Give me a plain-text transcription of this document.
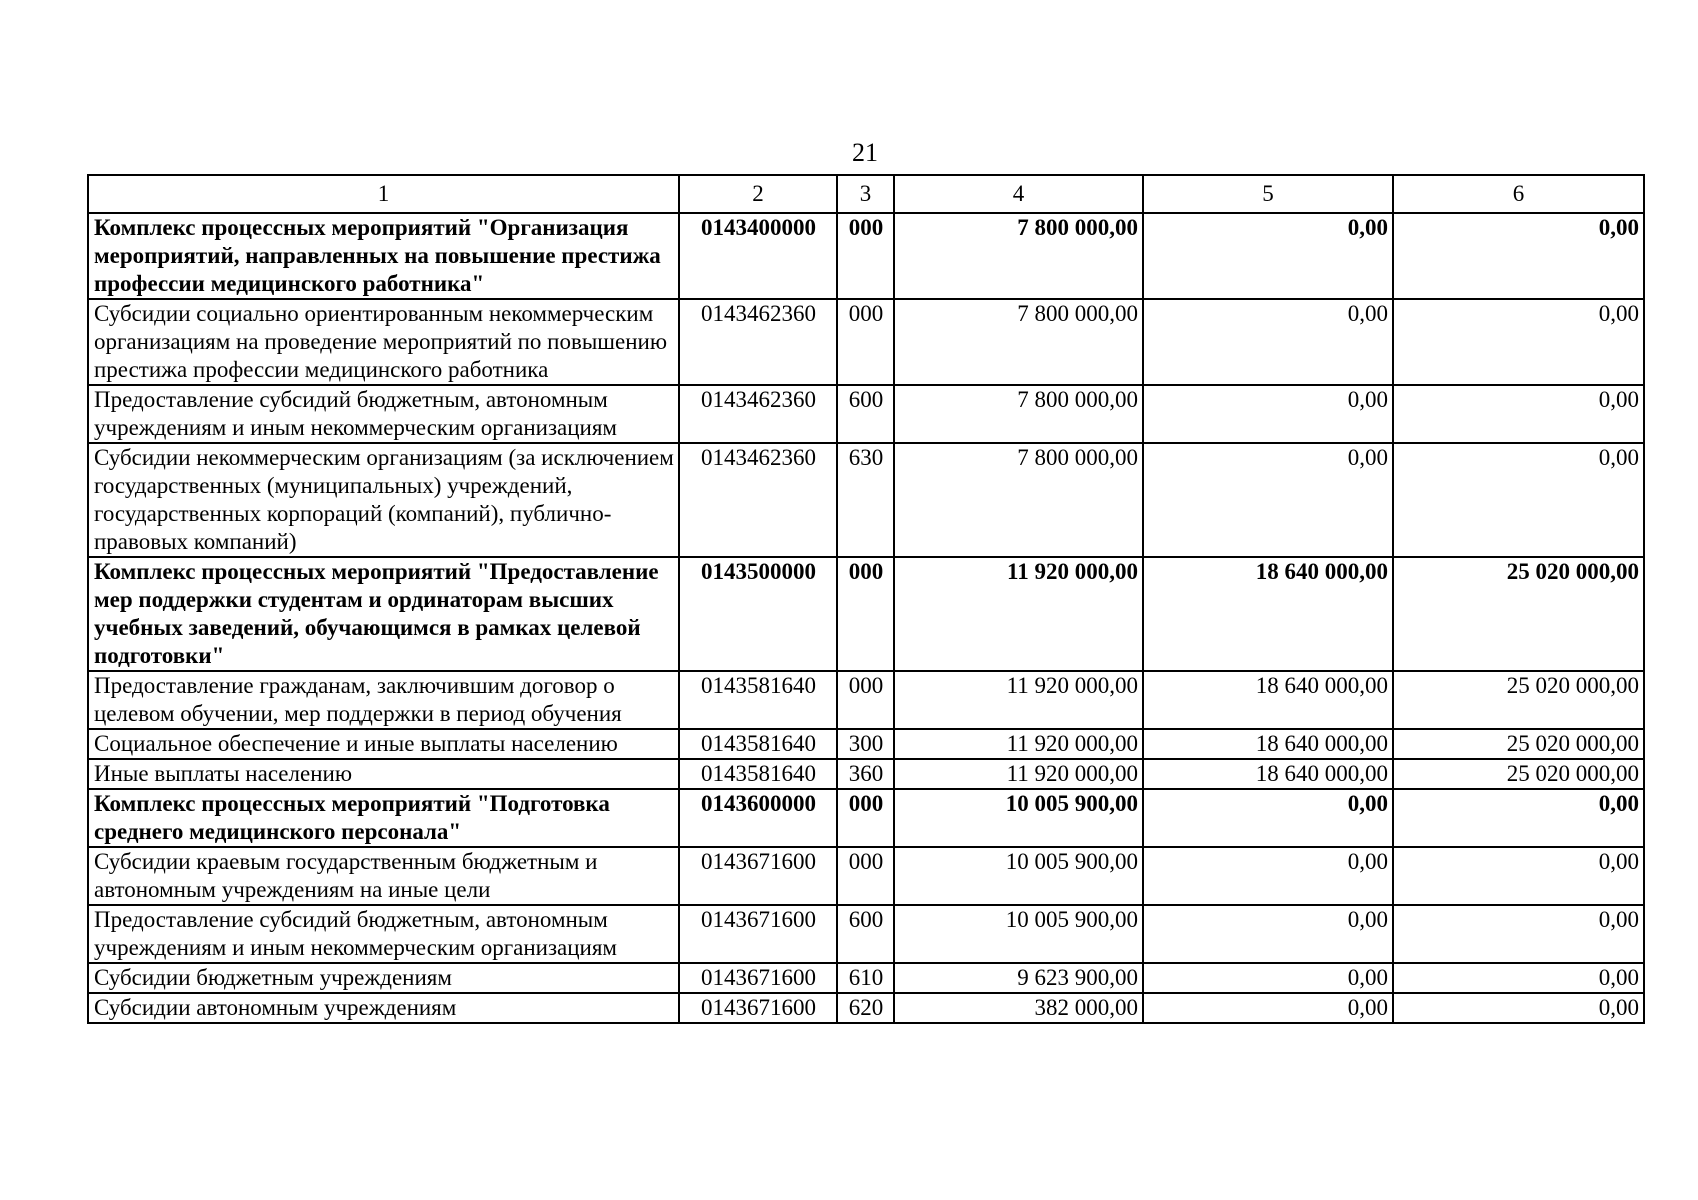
21
1	2	3	4	5	6
Комплекс процессных мероприятий "Организация мероприятий, направленных на повышение престижа профессии медицинского работника"	0143400000	000	7 800 000,00	0,00	0,00
Субсидии социально ориентированным некоммерческим организациям на проведение мероприятий по повышению престижа профессии медицинского работника	0143462360	000	7 800 000,00	0,00	0,00
Предоставление субсидий бюджетным, автономным учреждениям и иным некоммерческим организациям	0143462360	600	7 800 000,00	0,00	0,00
Субсидии некоммерческим организациям (за исключением государственных (муниципальных) учреждений, государственных корпораций (компаний), публично-правовых компаний)	0143462360	630	7 800 000,00	0,00	0,00
Комплекс процессных мероприятий "Предоставление мер поддержки студентам и ординаторам высших учебных заведений, обучающимся в рамках целевой подготовки"	0143500000	000	11 920 000,00	18 640 000,00	25 020 000,00
Предоставление гражданам, заключившим договор о целевом обучении, мер поддержки в период обучения	0143581640	000	11 920 000,00	18 640 000,00	25 020 000,00
Социальное обеспечение и иные выплаты населению	0143581640	300	11 920 000,00	18 640 000,00	25 020 000,00
Иные выплаты населению	0143581640	360	11 920 000,00	18 640 000,00	25 020 000,00
Комплекс процессных мероприятий "Подготовка среднего медицинского персонала"	0143600000	000	10 005 900,00	0,00	0,00
Субсидии краевым государственным бюджетным и автономным учреждениям на иные цели	0143671600	000	10 005 900,00	0,00	0,00
Предоставление субсидий бюджетным, автономным учреждениям и иным некоммерческим организациям	0143671600	600	10 005 900,00	0,00	0,00
Субсидии бюджетным учреждениям	0143671600	610	9 623 900,00	0,00	0,00
Субсидии автономным учреждениям	0143671600	620	382 000,00	0,00	0,00
